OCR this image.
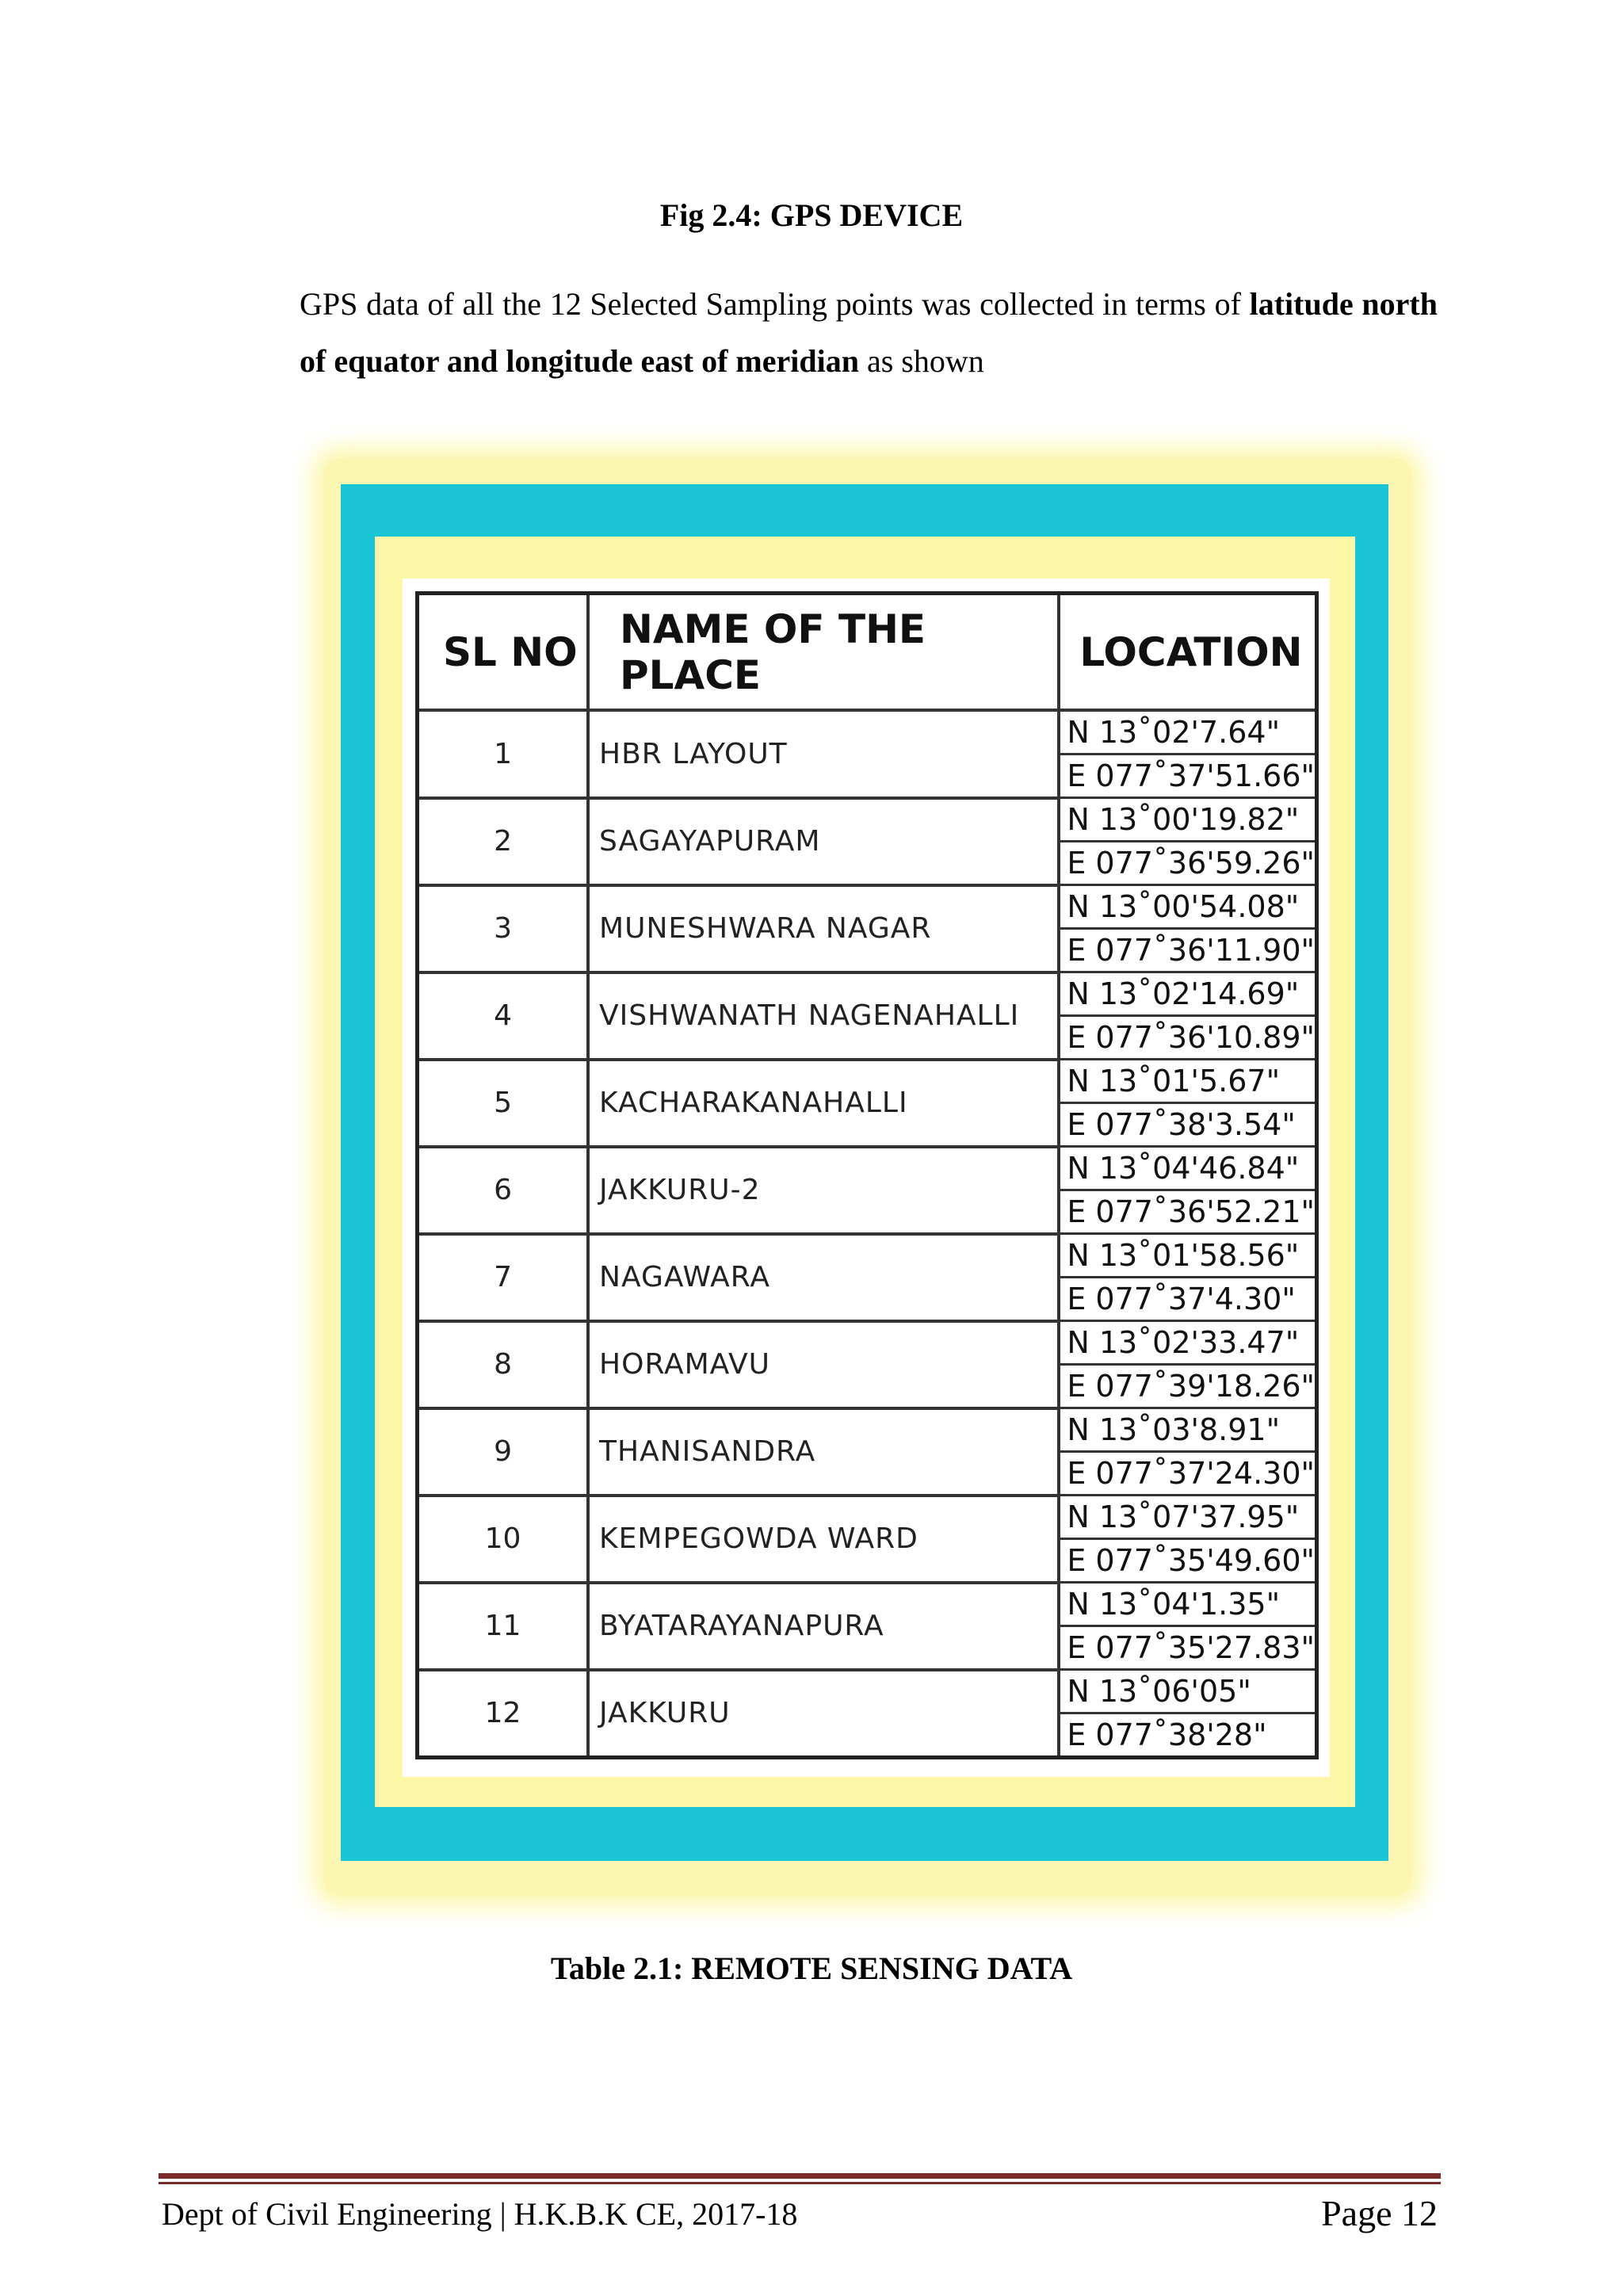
Fig 2.4: GPS DEVICE
GPS data of all the 12 Selected Sampling points was collected in terms of latitude north of equator and longitude east of meridian as shown
SL NO	NAME OF THE PLACE	LOCATION
1	HBR LAYOUT	N 13˚02'7.64"
		E 077˚37'51.66"
2	SAGAYAPURAM	N 13˚00'19.82"
		E 077˚36'59.26"
3	MUNESHWARA NAGAR	N 13˚00'54.08"
		E 077˚36'11.90"
4	VISHWANATH NAGENAHALLI	N 13˚02'14.69"
		E 077˚36'10.89"
5	KACHARAKANAHALLI	N 13˚01'5.67"
		E 077˚38'3.54"
6	JAKKURU-2	N 13˚04'46.84"
		E 077˚36'52.21"
7	NAGAWARA	N 13˚01'58.56"
		E 077˚37'4.30"
8	HORAMAVU	N 13˚02'33.47"
		E 077˚39'18.26"
9	THANISANDRA	N 13˚03'8.91"
		E 077˚37'24.30"
10	KEMPEGOWDA WARD	N 13˚07'37.95"
		E 077˚35'49.60"
11	BYATARAYANAPURA	N 13˚04'1.35"
		E 077˚35'27.83"
12	JAKKURU	N 13˚06'05"
		E 077˚38'28"
Table 2.1: REMOTE SENSING DATA
Dept of Civil Engineering | H.K.B.K CE, 2017-18	Page 12
